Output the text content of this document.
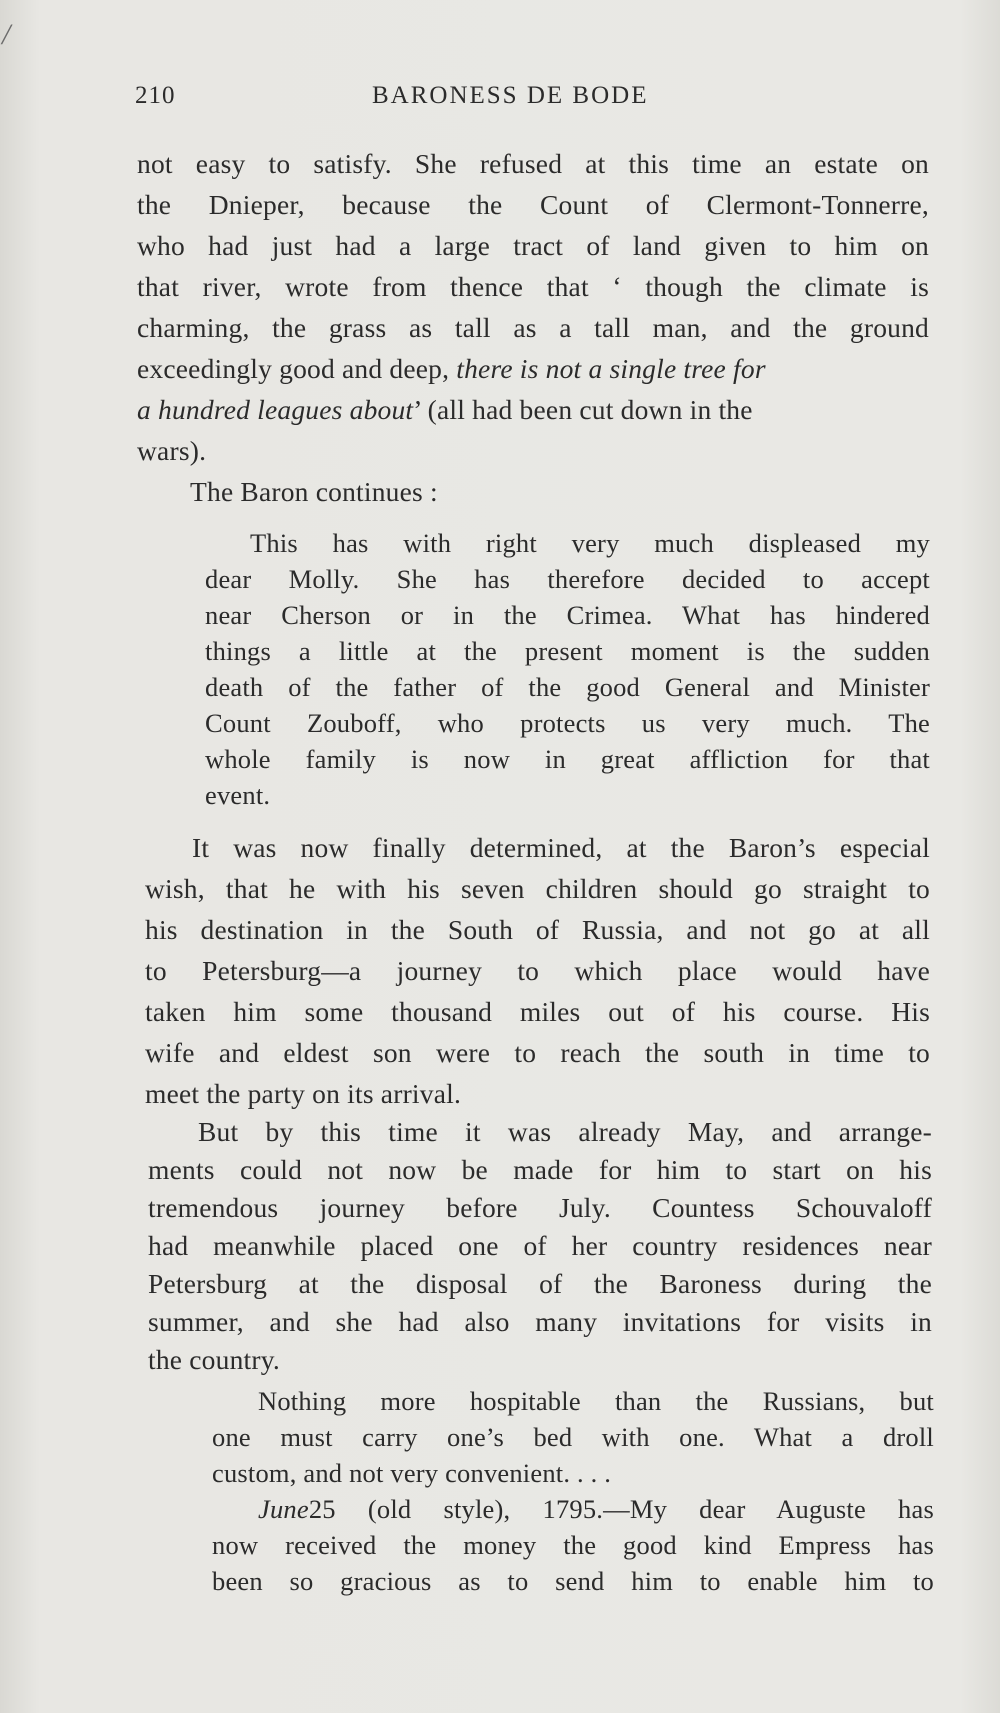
/
210	BARONESS DE BODE
not easy to satisfy. She refused at this time an estate on
the Dnieper, because the Count of Clermont-Tonnerre,
who had just had a large tract of land given to him on
that river, wrote from thence that ‘ though the climate is
charming, the grass as tall as a tall man, and the ground
exceedingly good and deep, there is not a single tree for
a hundred leagues about’ (all had been cut down in the
wars).
The Baron continues :
This has with right very much displeased my
dear Molly. She has therefore decided to accept
near Cherson or in the Crimea. What has hindered
things a little at the present moment is the sudden
death of the father of the good General and Minister
Count Zouboff, who protects us very much. The
whole family is now in great affliction for that
event.
It was now finally determined, at the Baron’s especial
wish, that he with his seven children should go straight to
his destination in the South of Russia, and not go at all
to Petersburg—a journey to which place would have
taken him some thousand miles out of his course. His
wife and eldest son were to reach the south in time to
meet the party on its arrival.
But by this time it was already May, and arrange-
ments could not now be made for him to start on his
tremendous journey before July. Countess Schouvaloff
had meanwhile placed one of her country residences near
Petersburg at the disposal of the Baroness during the
summer, and she had also many invitations for visits in
the country.
Nothing more hospitable than the Russians, but
one must carry one’s bed with one. What a droll
custom, and not very convenient. . . .
June 25 (old style), 1795.—My dear Auguste has
now received the money the good kind Empress has
been so gracious as to send him to enable him to
